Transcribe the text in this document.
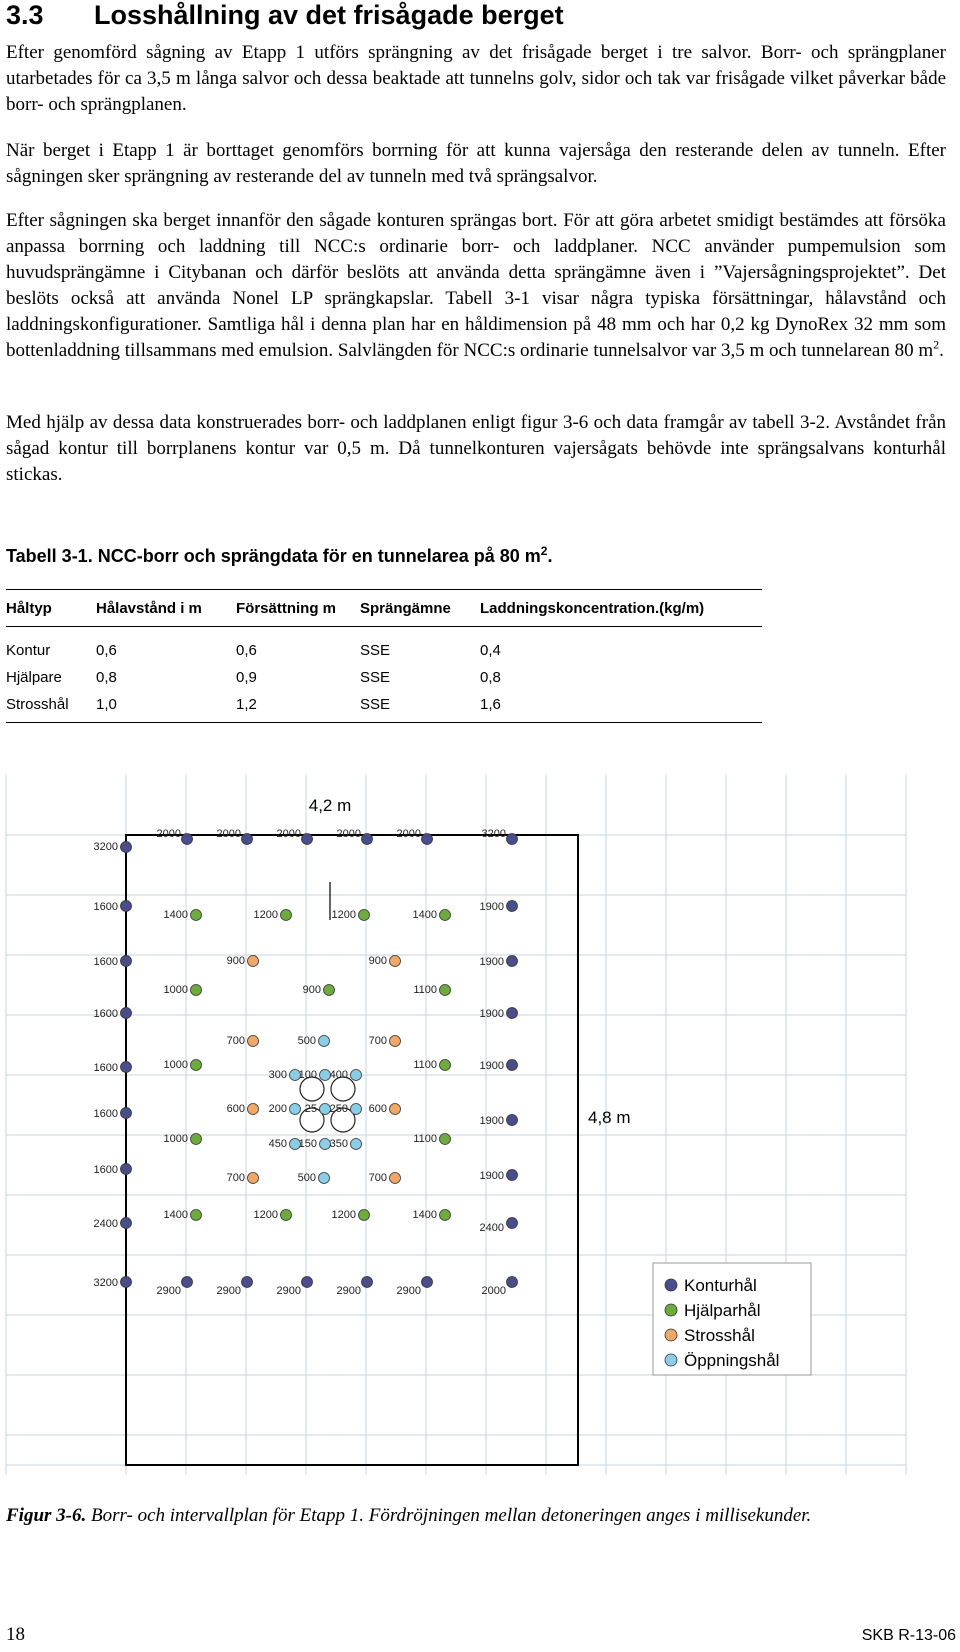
3.3 Losshållning av det frisågade berget

Efter genomförd sågning av Etapp 1 utförs sprängning av det frisågade berget i tre salvor. Borr- och sprängplaner utarbetades för ca 3,5 m långa salvor och dessa beaktade att tunnelns golv, sidor och tak var frisågade vilket påverkar både borr- och sprängplanen.

När berget i Etapp 1 är borttaget genomförs borrning för att kunna vajersåga den resterande delen av tunneln. Efter sågningen sker sprängning av resterande del av tunneln med två sprängsalvor.

Efter sågningen ska berget innanför den sågade konturen sprängas bort. För att göra arbetet smidigt bestämdes att försöka anpassa borrning och laddning till NCC:s ordinarie borr- och laddplaner. NCC använder pumpemulsion som huvudsprängämne i Citybanan och därför beslöts att använda detta sprängämne även i ”Vajersågningsprojektet”. Det beslöts också att använda Nonel LP sprängkapslar. Tabell 3-1 visar några typiska försättningar, hålavstånd och laddningskonfigurationer. Samtliga hål i denna plan har en håldimension på 48 mm och har 0,2 kg DynoRex 32 mm som bottenladdning tillsammans med emulsion. Salvlängden för NCC:s ordinarie tunnelsalvor var 3,5 m och tunnelarean 80 $m^2$.

Med hjälp av dessa data konstruerades borr- och laddplanen enligt figur 3-6 och data framgår av tabell 3-2. Avståndet från sågad kontur till borrplanens kontur var 0,5 m. Då tunnelkonturen vajersågats behövde inte sprängsalvans konturhål stickas.

Tabell 3-1. NCC-borr och sprängdata för en tunnelarea på 80 $m^2$.

Håltyp	Hålavstånd i m	Försättning m	Sprängämne	Laddningskoncentration.(kg/m)
Kontur	0,6	0,6	SSE	0,4
Hjälpare	0,8	0,9	SSE	0,8
Strosshål	1,0	1,2	SSE	1,6
4,2 m
4,8 m
3200
2000	2000	2000	2000	2000	3200
1600
1400	1200	1200	1400
1900
1600	900	900	1900
1000	900	1100
1600	1900
700	500	700
1600	1000
300 100 400
1100	1900
1600	600 200 25 250 600
1900
1000	450 150 350	1100
1600
700	500	700	1900
2400
1400	1200	1200	1400
2400
3200
2900	2900	2900	2900	2900	2000	Konturhål
Hjälparhål
Strosshål
Öppningshål

Figur 3-6. Borr- och intervallplan för Etapp 1. Fördröjningen mellan detoneringen anges i millisekunder.

18	SKB R-13-06
